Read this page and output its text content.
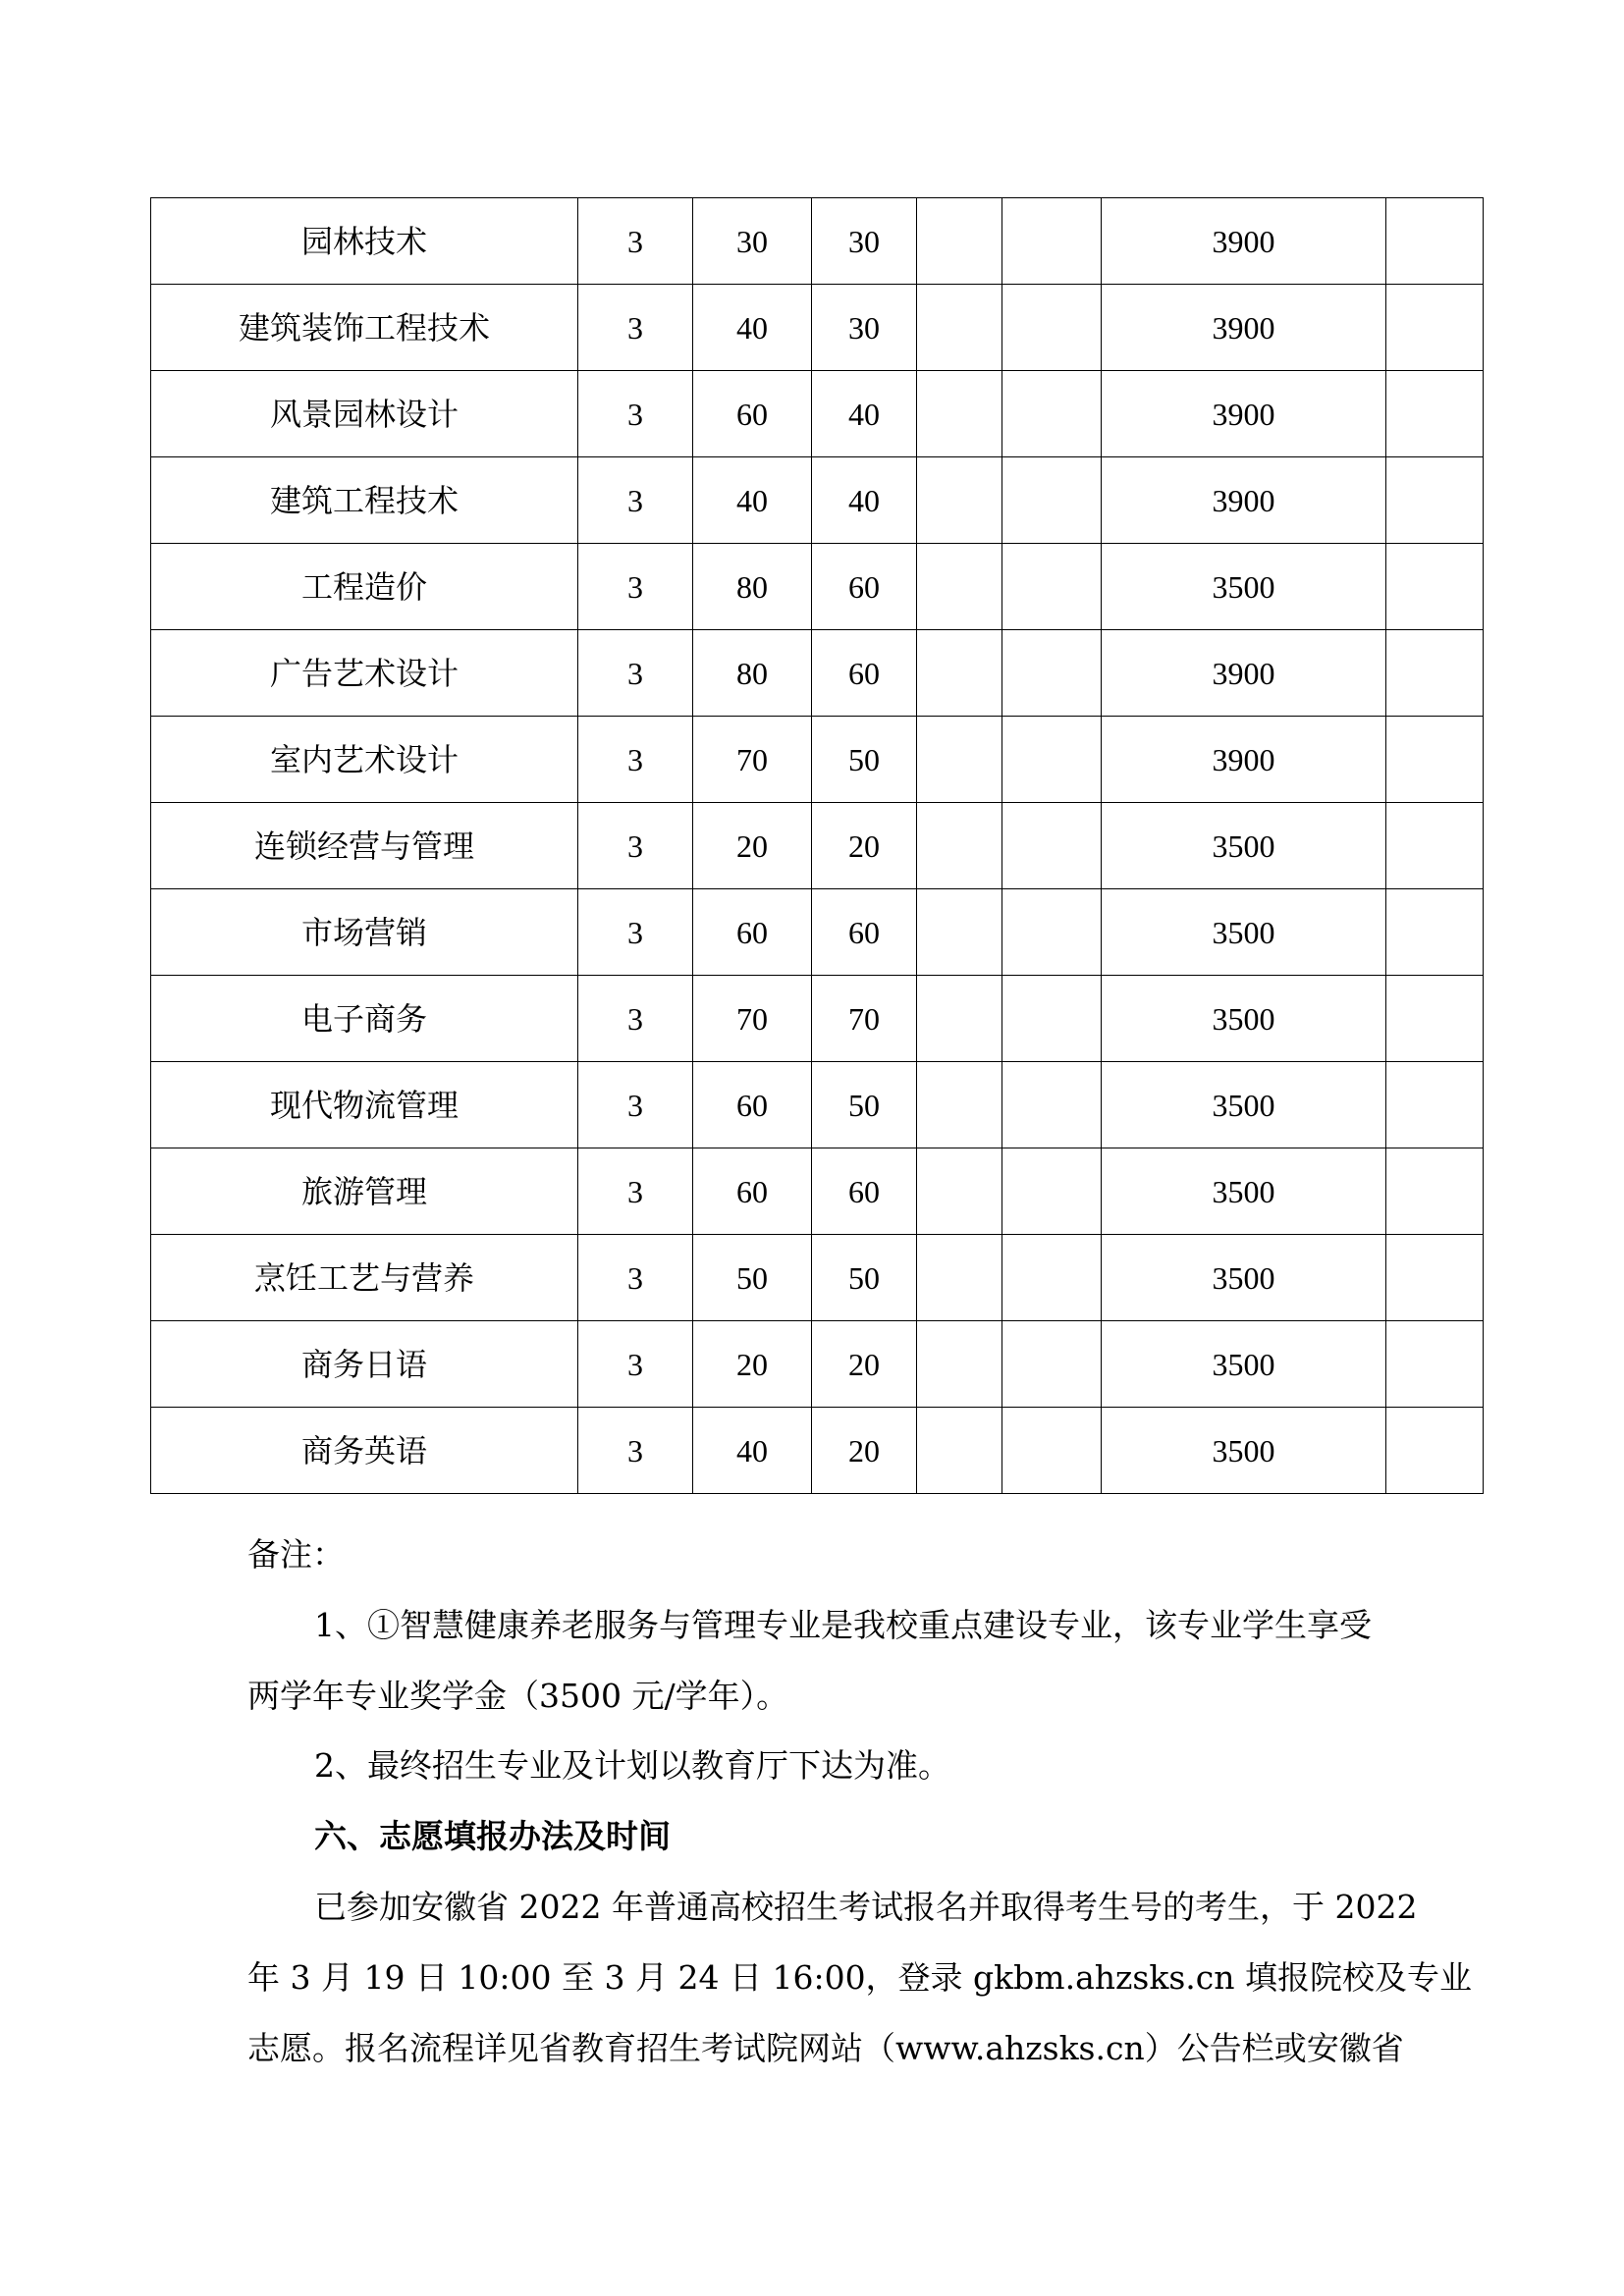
园林技术	3	30	30			3900	
建筑装饰工程技术	3	40	30			3900	
风景园林设计	3	60	40			3900	
建筑工程技术	3	40	40			3900	
工程造价	3	80	60			3500	
广告艺术设计	3	80	60			3900	
室内艺术设计	3	70	50			3900	
连锁经营与管理	3	20	20			3500	
市场营销	3	60	60			3500	
电子商务	3	70	70			3500	
现代物流管理	3	60	50			3500	
旅游管理	3	60	60			3500	
烹饪工艺与营养	3	50	50			3500	
商务日语	3	20	20			3500	
商务英语	3	40	20			3500	
备注：
1、①智慧健康养老服务与管理专业是我校重点建设专业，该专业学生享受
两学年专业奖学金（3500 元/学年）。
2、最终招生专业及计划以教育厅下达为准。
六、志愿填报办法及时间
已参加安徽省 2022 年普通高校招生考试报名并取得考生号的考生，于 2022
年 3 月 19 日 10:00 至 3 月 24 日 16:00，登录 gkbm.ahzsks.cn 填报院校及专业
志愿。报名流程详见省教育招生考试院网站（www.ahzsks.cn）公告栏或安徽省
